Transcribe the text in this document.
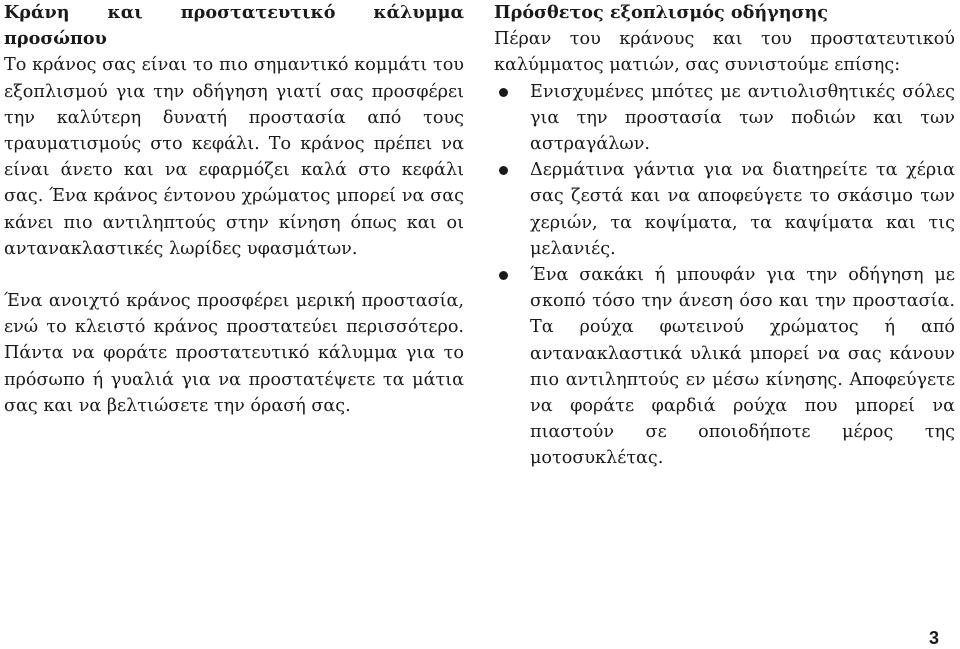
Κράνη και προστατευτικό κάλυμμα προσώπου

Το κράνος σας είναι το πιο σημαντικό κομμάτι του εξοπλισμού για την οδήγηση γιατί σας προσφέρει την καλύτερη δυνατή προστασία από τους τραυματισμούς στο κεφάλι. Το κράνος πρέπει να είναι άνετο και να εφαρμόζει καλά στο κεφάλι σας. Ένα κράνος έντονου χρώματος μπορεί να σας κάνει πιο αντιληπτούς στην κίνηση όπως και οι αντανακλαστικές λωρίδες υφασμάτων.

Ένα ανοιχτό κράνος προσφέρει μερική προστασία, ενώ το κλειστό κράνος προστατεύει περισσότερο. Πάντα να φοράτε προστατευτικό κάλυμμα για το πρόσωπο ή γυαλιά για να προστατέψετε τα μάτια σας και να βελτιώσετε την όρασή σας.

Πρόσθετος εξοπλισμός οδήγησης

Πέραν του κράνους και του προστατευτικού καλύμματος ματιών, σας συνιστούμε επίσης:

Ενισχυμένες μπότες με αντιολισθητικές σόλες για την προστασία των ποδιών και των αστραγάλων.
Δερμάτινα γάντια για να διατηρείτε τα χέρια σας ζεστά και να αποφεύγετε το σκάσιμο των χεριών, τα κοψίματα, τα καψίματα και τις μελανιές.
Ένα σακάκι ή μπουφάν για την οδήγηση με σκοπό τόσο την άνεση όσο και την προστασία. Τα ρούχα φωτεινού χρώματος ή από αντανακλαστικά υλικά μπορεί να σας κάνουν πιο αντιληπτούς εν μέσω κίνησης. Αποφεύγετε να φοράτε φαρδιά ρούχα που μπορεί να πιαστούν σε οποιοδήποτε μέρος της μοτοσυκλέτας.
3
